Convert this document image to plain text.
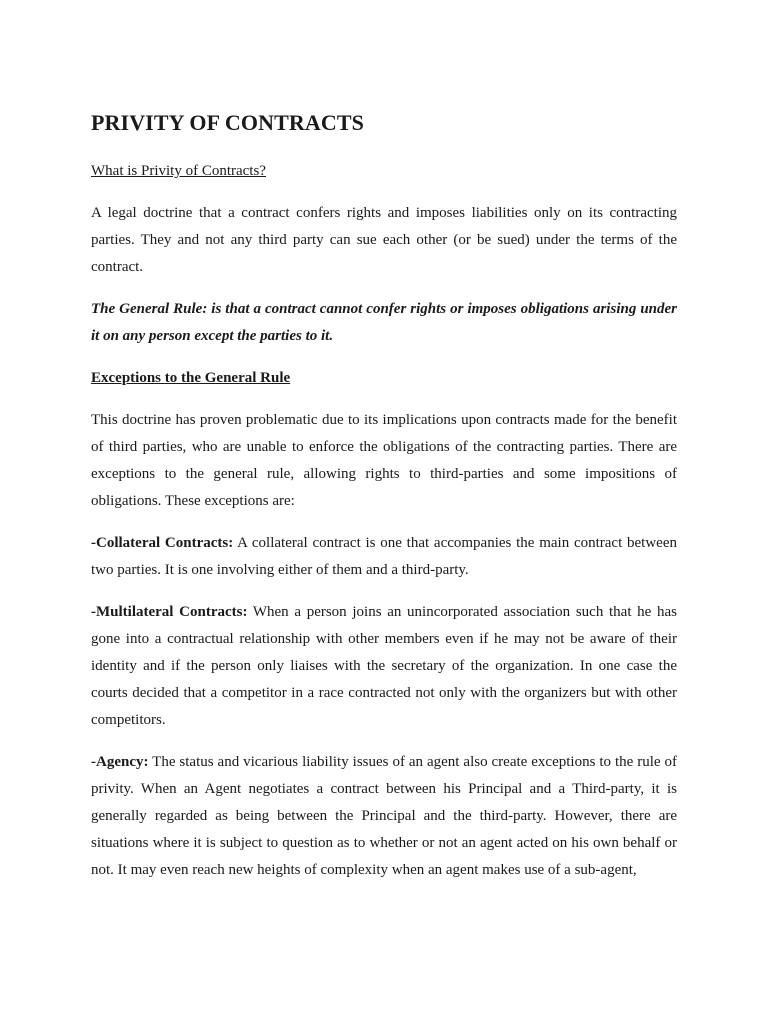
PRIVITY OF CONTRACTS
What is Privity of Contracts?

A legal doctrine that a contract confers rights and imposes liabilities only on its contracting parties. They and not any third party can sue each other (or be sued) under the terms of the contract.

The General Rule: is that a contract cannot confer rights or imposes obligations arising under it on any person except the parties to it.

Exceptions to the General Rule

This doctrine has proven problematic due to its implications upon contracts made for the benefit of third parties, who are unable to enforce the obligations of the contracting parties. There are exceptions to the general rule, allowing rights to third-parties and some impositions of obligations. These exceptions are:

-Collateral Contracts: A collateral contract is one that accompanies the main contract between two parties. It is one involving either of them and a third-party.

-Multilateral Contracts: When a person joins an unincorporated association such that he has gone into a contractual relationship with other members even if he may not be aware of their identity and if the person only liaises with the secretary of the organization. In one case the courts decided that a competitor in a race contracted not only with the organizers but with other competitors.

-Agency: The status and vicarious liability issues of an agent also create exceptions to the rule of privity. When an Agent negotiates a contract between his Principal and a Third-party, it is generally regarded as being between the Principal and the third-party. However, there are situations where it is subject to question as to whether or not an agent acted on his own behalf or not. It may even reach new heights of complexity when an agent makes use of a sub-agent,
